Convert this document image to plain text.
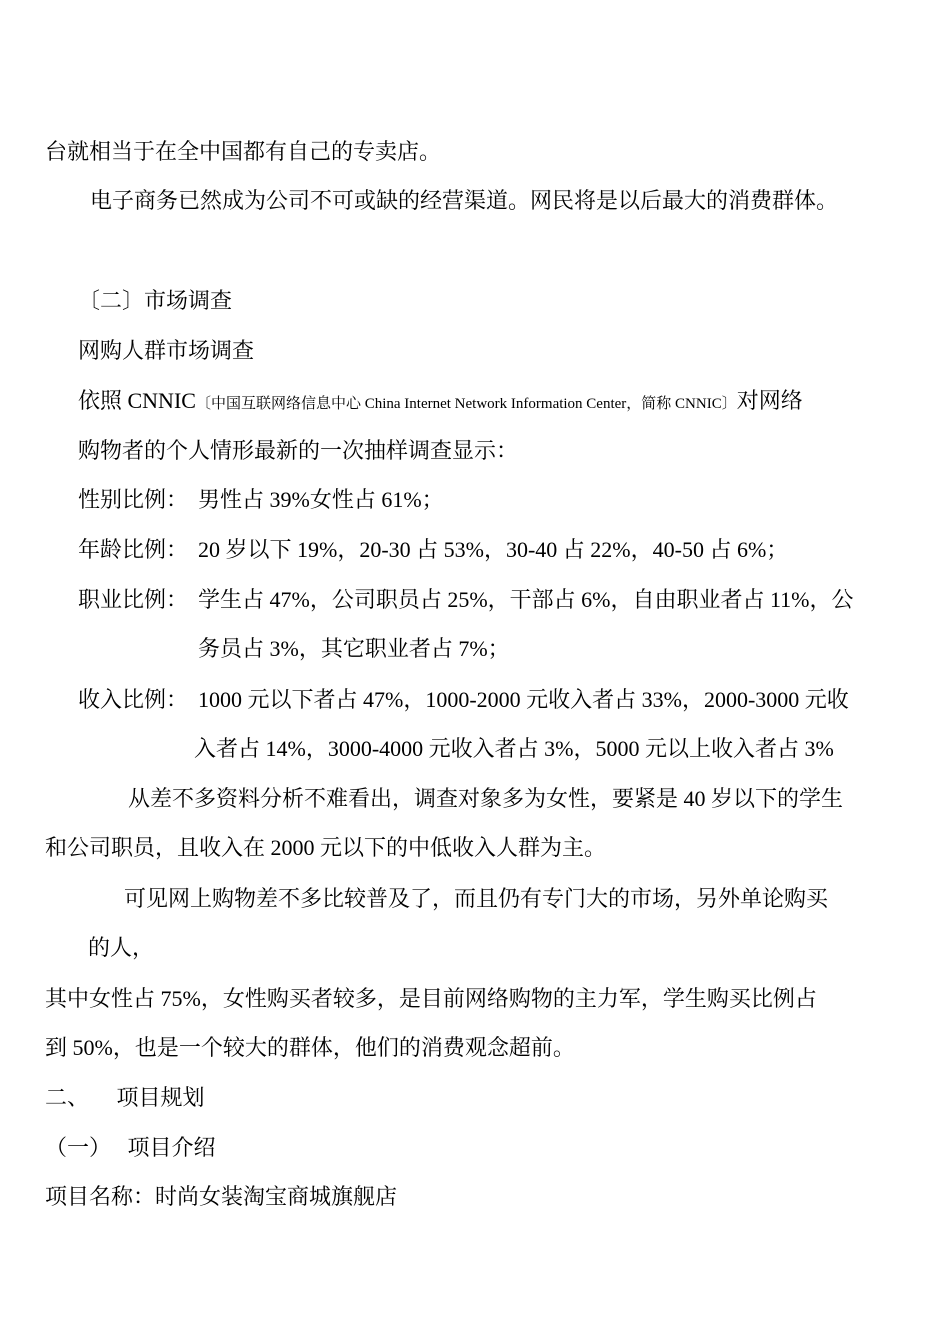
台就相当于在全中国都有自己的专卖店。
电子商务已然成为公司不可或缺的经营渠道。网民将是以后最大的消费群体。
〔二〕市场调查
网购人群市场调查
依照 CNNIC〔中国互联网络信息中心 China Internet Network Information Center，简称 CNNIC〕对网络
购物者的个人情形最新的一次抽样调查显示：
性别比例： 男性占 39%女性占 61%；
年龄比例： 20 岁以下 19%，20-30 占 53%，30-40 占 22%，40-50 占 6%；
职业比例： 学生占 47%，公司职员占 25%，干部占 6%，自由职业者占 11%，公
务员占 3%，其它职业者占 7%；
收入比例： 1000 元以下者占 47%，1000-2000 元收入者占 33%，2000-3000 元收
入者占 14%，3000-4000 元收入者占 3%，5000 元以上收入者占 3%
从差不多资料分析不难看出，调查对象多为女性，要紧是 40 岁以下的学生
和公司职员，且收入在 2000 元以下的中低收入人群为主。
可见网上购物差不多比较普及了，而且仍有专门大的市场，另外单论购买
的人，
其中女性占 75%，女性购买者较多，是目前网络购物的主力军，学生购买比例占
到 50%，也是一个较大的群体，他们的消费观念超前。
二、     项目规划
（一）   项目介绍
项目名称：时尚女装淘宝商城旗舰店
